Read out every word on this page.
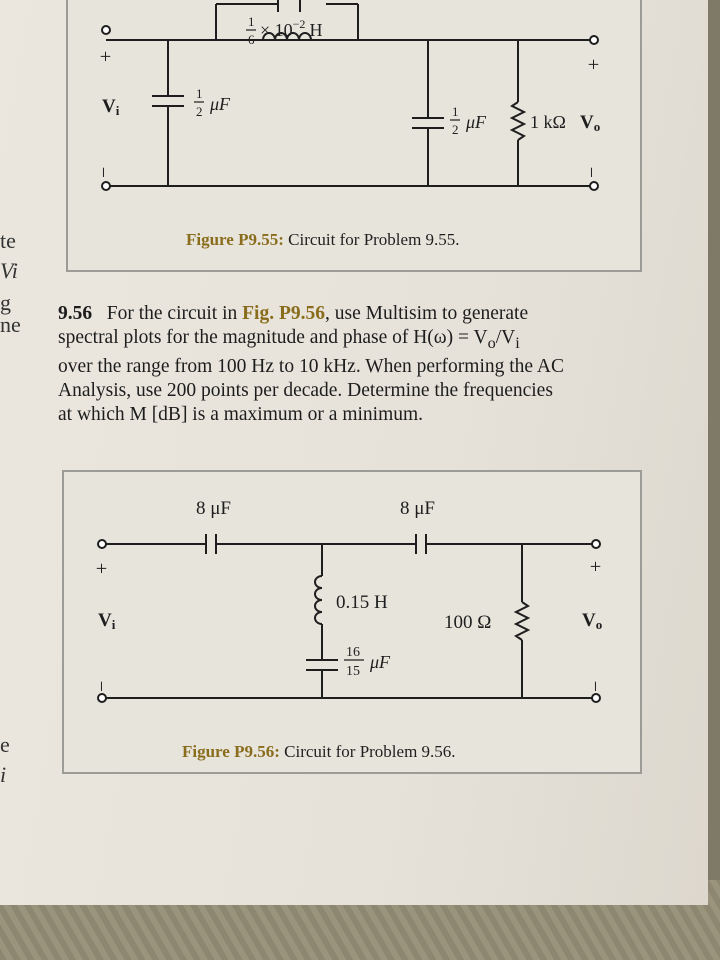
te
Vi
g
ne
e
i
+
Vi
−
1
$6 \times 10^{-2}$ H
1
2 μF	1
2 μF 1 kΩ Vo
+
−
Figure P9.55: Circuit for Problem 9.55.
9.56 For the circuit in Fig. P9.56, use Multisim to generate
spectral plots for the magnitude and phase of $H(\omega) = V_o/V_i$
over the range from 100 Hz to 10 kHz. When performing the AC
Analysis, use 200 points per decade. Determine the frequencies
at which M [dB] is a maximum or a minimum.
8 μF	8 μF
+
Vi
−
0.15 H
16
15 μF
100 Ω
+
Vo
−
Figure P9.56: Circuit for Problem 9.56.
